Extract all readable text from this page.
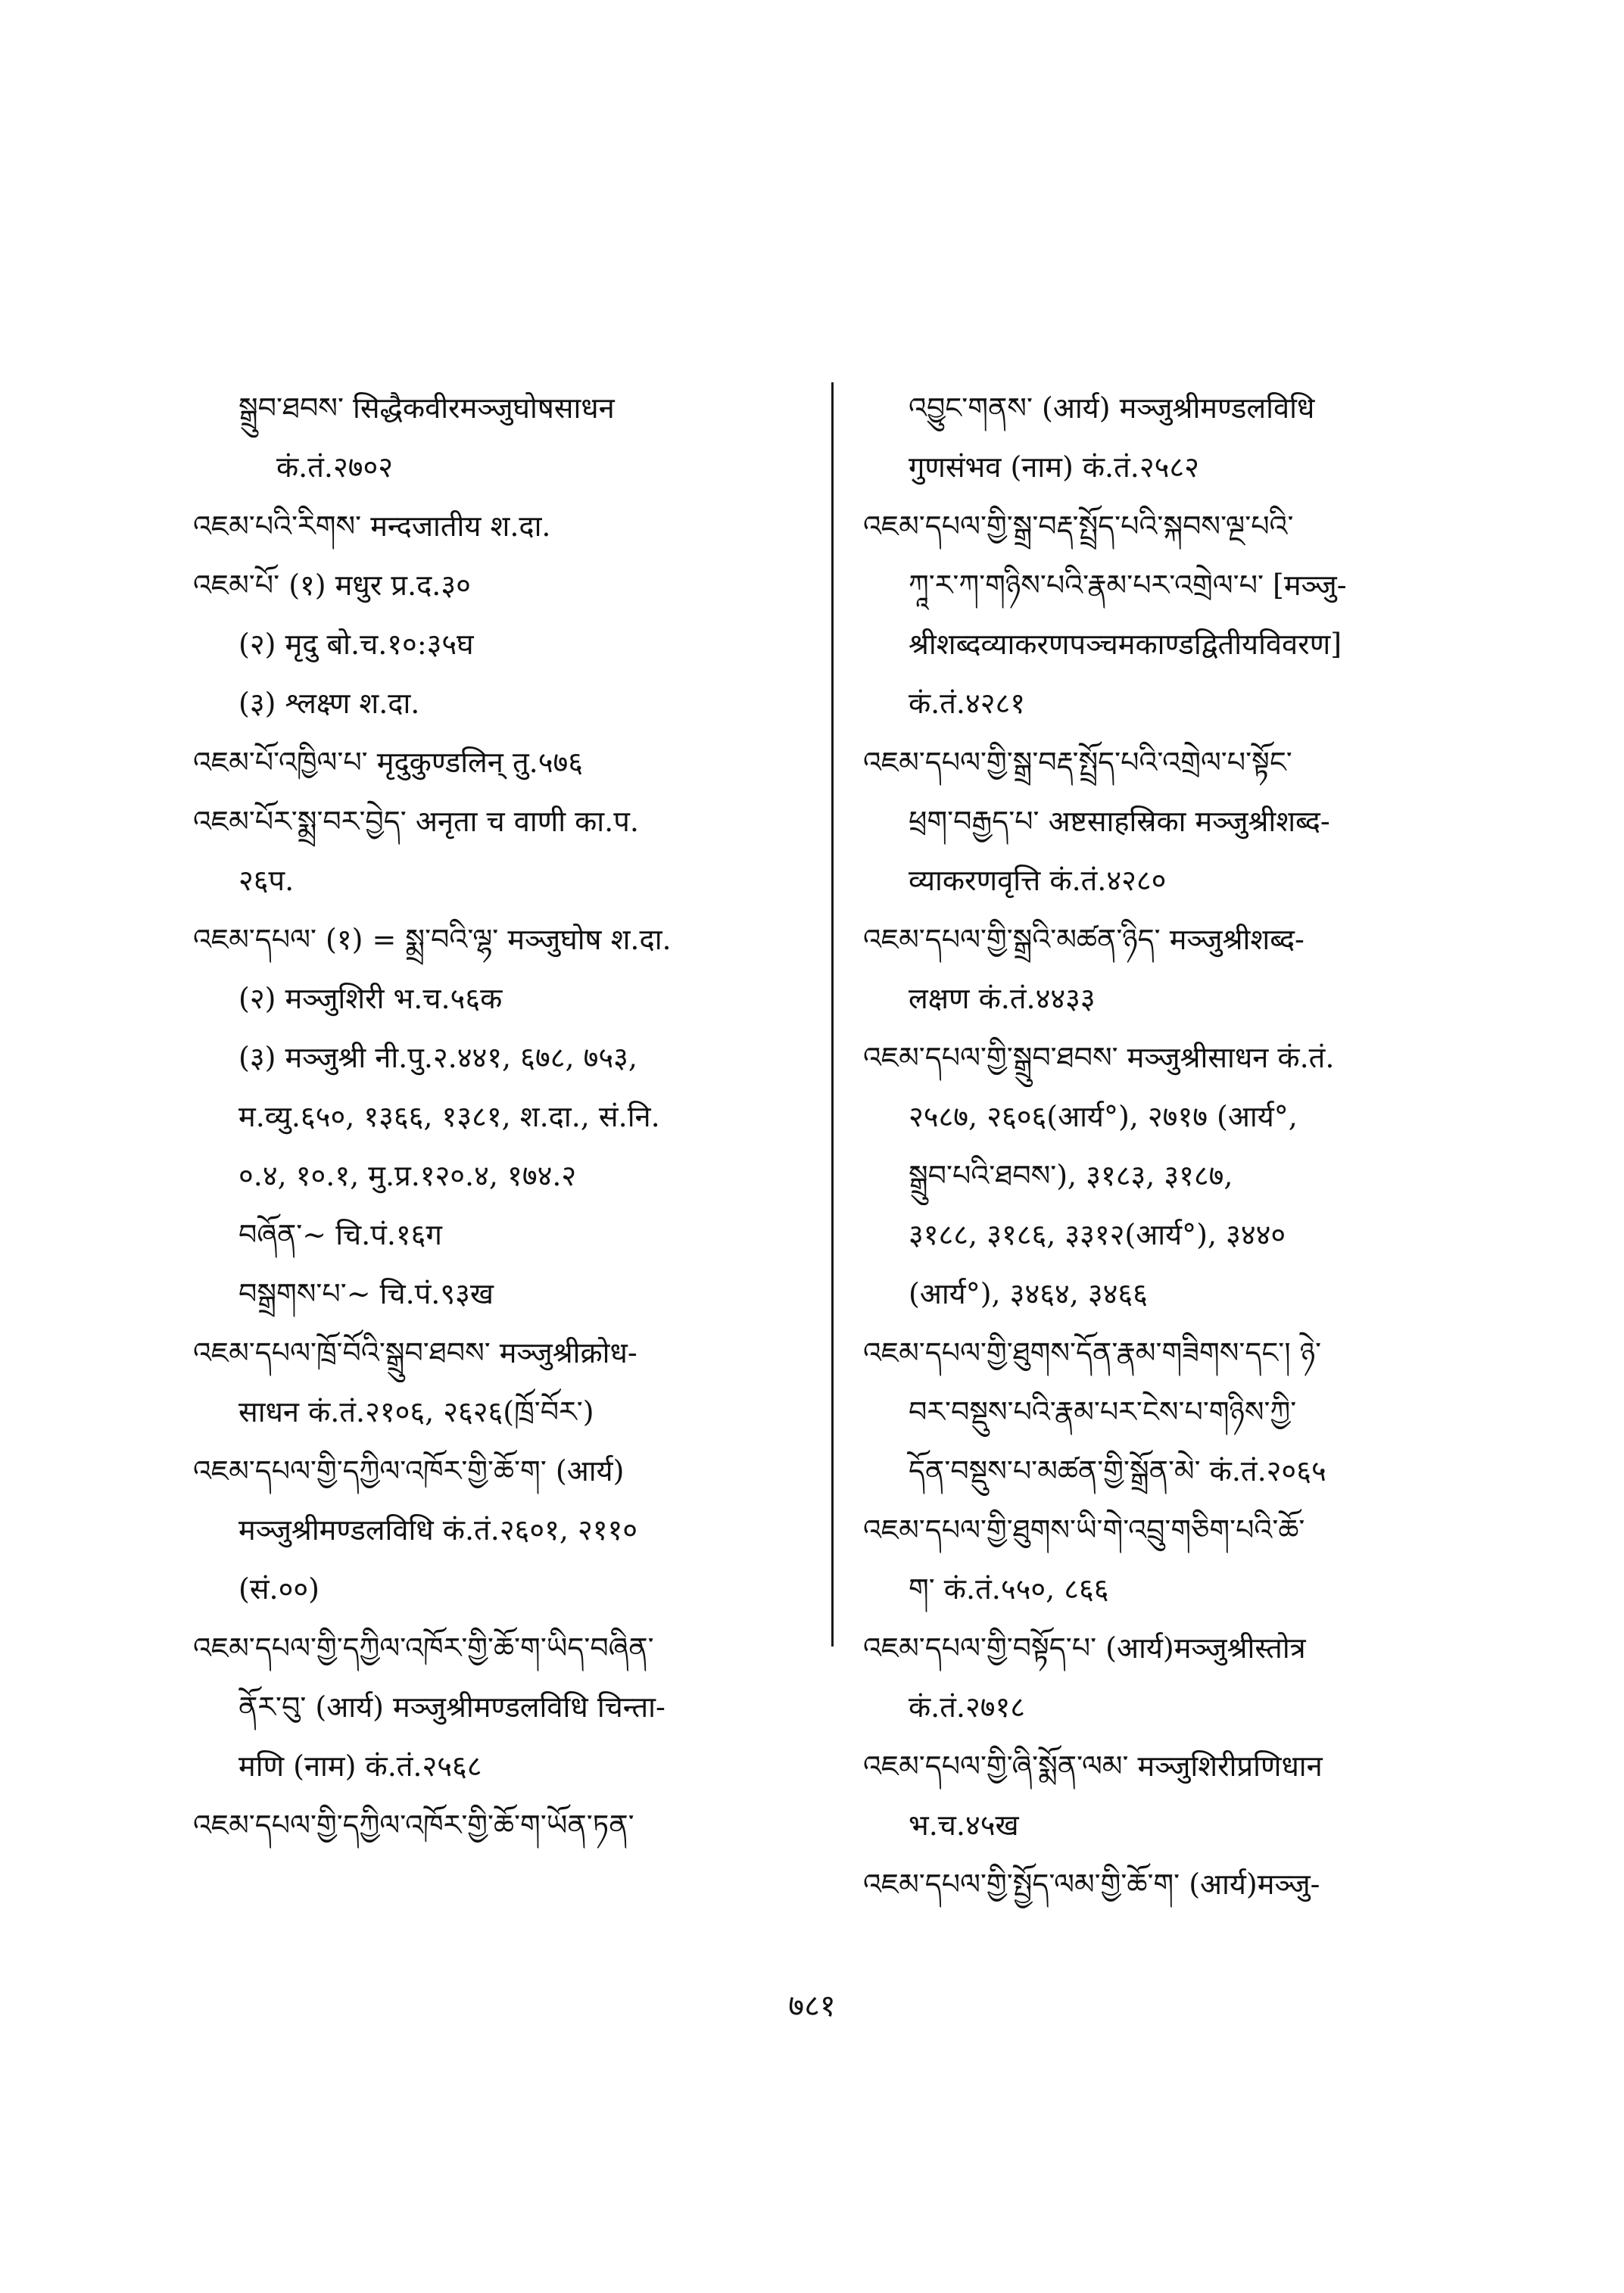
སྒྲུབ་ཐབས་ सिद्धैकवीरमञ्जुघोषसाधन
कं.तं.२७०२
འཇམ་པའི་རིགས་ मन्दजातीय श.दा.
འཇམ་པོ་ (१) मधुर प्र.द.३०
(२) मृदु बो.च.१०:३५घ
(३) श्लक्ष्ण श.दा.
འཇམ་པོ་འཁྱིལ་པ་ मृदुकुण्डलिन् तु.५७६
འཇམ་པོར་སྨྲ་བར་བྱེད་ अनृता च वाणी का.प.
२६प.
འཇམ་དཔལ་ (१) = སྨྲ་བའི་ལྷ་ मञ्जुघोष श.दा.
(२) मञ्जुशिरी भ.च.५६क
(३) मञ्जुश्री नी.पु.२.४४१, ६७८, ७५३,
म.व्यु.६५०, १३६६, १३८१, श.दा., सं.नि.
०.४, १०.१, मु.प्र.१२०.४, १७४.२
བཞོན་~ चि.पं.१६ग
བསྒྲགས་པ་~ चि.पं.९३ख
འཇམ་དཔལ་ཁྲོ་བོའི་སྒྲུབ་ཐབས་ मञ्जुश्रीक्रोध-
साधन कं.तं.२१०६, २६२६(ཁྲོ་བོར་)
འཇམ་དཔལ་གྱི་དཀྱིལ་འཁོར་གྱི་ཆོ་ག་ (आर्य)
मञ्जुश्रीमण्डलविधि कं.तं.२६०१, २११०
(सं.००)
འཇམ་དཔལ་གྱི་དཀྱིལ་འཁོར་གྱི་ཆོ་ག་ཡིད་བཞིན་
ནོར་བུ་ (आर्य) मञ्जुश्रीमण्डलविधि चिन्ता-
मणि (नाम) कं.तं.२५६८
འཇམ་དཔལ་གྱི་དཀྱིལ་འཁོར་གྱི་ཆོ་ག་ཡོན་ཏན་
འབྱུང་གནས་ (आर्य) मञ्जुश्रीमण्डलविधि
गुणसंभव (नाम) कं.तं.२५८२
འཇམ་དཔལ་གྱི་སྒྲ་བརྡ་སྤྲོད་པའི་སྐབས་ལྔ་པའི་
ཀཱ་ར་ཀ་གཉིས་པའི་རྣམ་པར་འགྲེལ་པ་ [मञ्जु-
श्रीशब्दव्याकरणपञ्चमकाण्डद्वितीयविवरण]
कं.तं.४२८१
འཇམ་དཔལ་གྱི་སྒྲ་བརྡ་སྤྲོད་པའི་འགྲེལ་པ་སྟོང་
ཕྲག་བརྒྱད་པ་ अष्टसाहस्रिका मञ्जुश्रीशब्द-
व्याकरणवृत्ति कं.तं.४२८०
འཇམ་དཔལ་གྱི་སྒྲའི་མཚན་ཉིད་ मञ्जुश्रीशब्द-
लक्षण कं.तं.४४३३
འཇམ་དཔལ་གྱི་སྒྲུབ་ཐབས་ मञ्जुश्रीसाधन कं.तं.
२५८७, २६०६(आर्य°), २७१७ (आर्य°,
སྒྲུབ་པའི་ཐབས་), ३१८३, ३१८७,
३१८८, ३१८६, ३३१२(आर्य°), ३४४०
(आर्य°), ३४६४, ३४६६
འཇམ་དཔལ་གྱི་ཐུགས་དོན་རྣམ་གཟིགས་དང་། ཉེ་
བར་བསྡུས་པའི་རྣམ་པར་ངེས་པ་གཉིས་ཀྱི་
དོན་བསྡུས་པ་མཚན་གྱི་སྒྲོན་མེ་ कं.तं.२०६५
འཇམ་དཔལ་གྱི་ཐུགས་ཡི་གེ་འབྲུ་གཅིག་པའི་ཆོ་
ག་ कं.तं.५५०, ८६६
འཇམ་དཔལ་གྱི་བསྟོད་པ་ (आर्य)मञ्जुश्रीस्तोत्र
कं.तं.२७१८
འཇམ་དཔལ་གྱི་ཞི་སྨོན་ལམ་ मञ्जुशिरीप्रणिधान
भ.च.४५ख
འཇམ་དཔལ་གྱི་སྤྱོད་ལམ་གྱི་ཆོ་ག་ (आर्य)मञ्जु-
७८१
